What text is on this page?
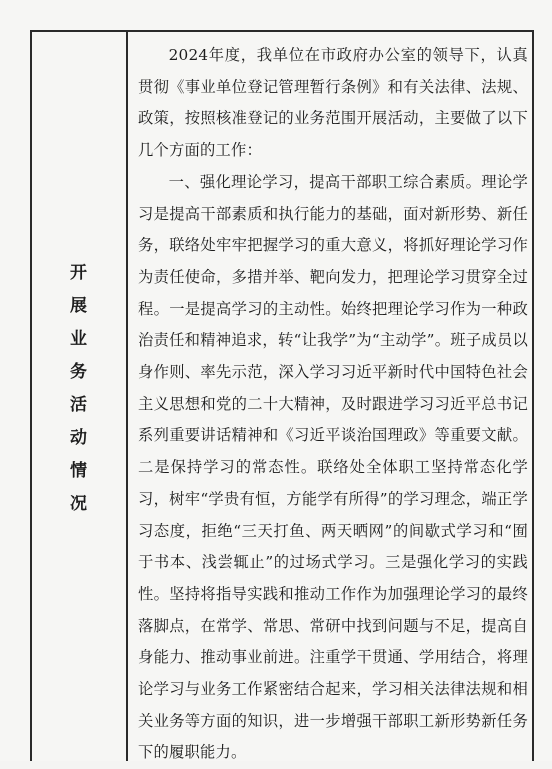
开
展
业
务
活
动
情
况

2024年度，我单位在市政府办公室的领导下，认真贯彻《事业单位登记管理暂行条例》和有关法律、法规、政策，按照核准登记的业务范围开展活动，主要做了以下几个方面的工作：

一、强化理论学习，提高干部职工综合素质。理论学习是提高干部素质和执行能力的基础，面对新形势、新任务，联络处牢牢把握学习的重大意义，将抓好理论学习作为责任使命，多措并举、靶向发力，把理论学习贯穿全过程。一是提高学习的主动性。始终把理论学习作为一种政治责任和精神追求，转“让我学”为“主动学”。班子成员以身作则、率先示范，深入学习习近平新时代中国特色社会主义思想和党的二十大精神，及时跟进学习习近平总书记系列重要讲话精神和《习近平谈治国理政》等重要文献。二是保持学习的常态性。联络处全体职工坚持常态化学习，树牢“学贵有恒，方能学有所得”的学习理念，端正学习态度，拒绝“三天打鱼、两天晒网”的间歇式学习和“囿于书本、浅尝辄止”的过场式学习。三是强化学习的实践性。坚持将指导实践和推动工作作为加强理论学习的最终落脚点，在常学、常思、常研中找到问题与不足，提高自身能力、推动事业前进。注重学干贯通、学用结合，将理论学习与业务工作紧密结合起来，学习相关法律法规和相关业务等方面的知识，进一步增强干部职工新形势新任务下的履职能力。
